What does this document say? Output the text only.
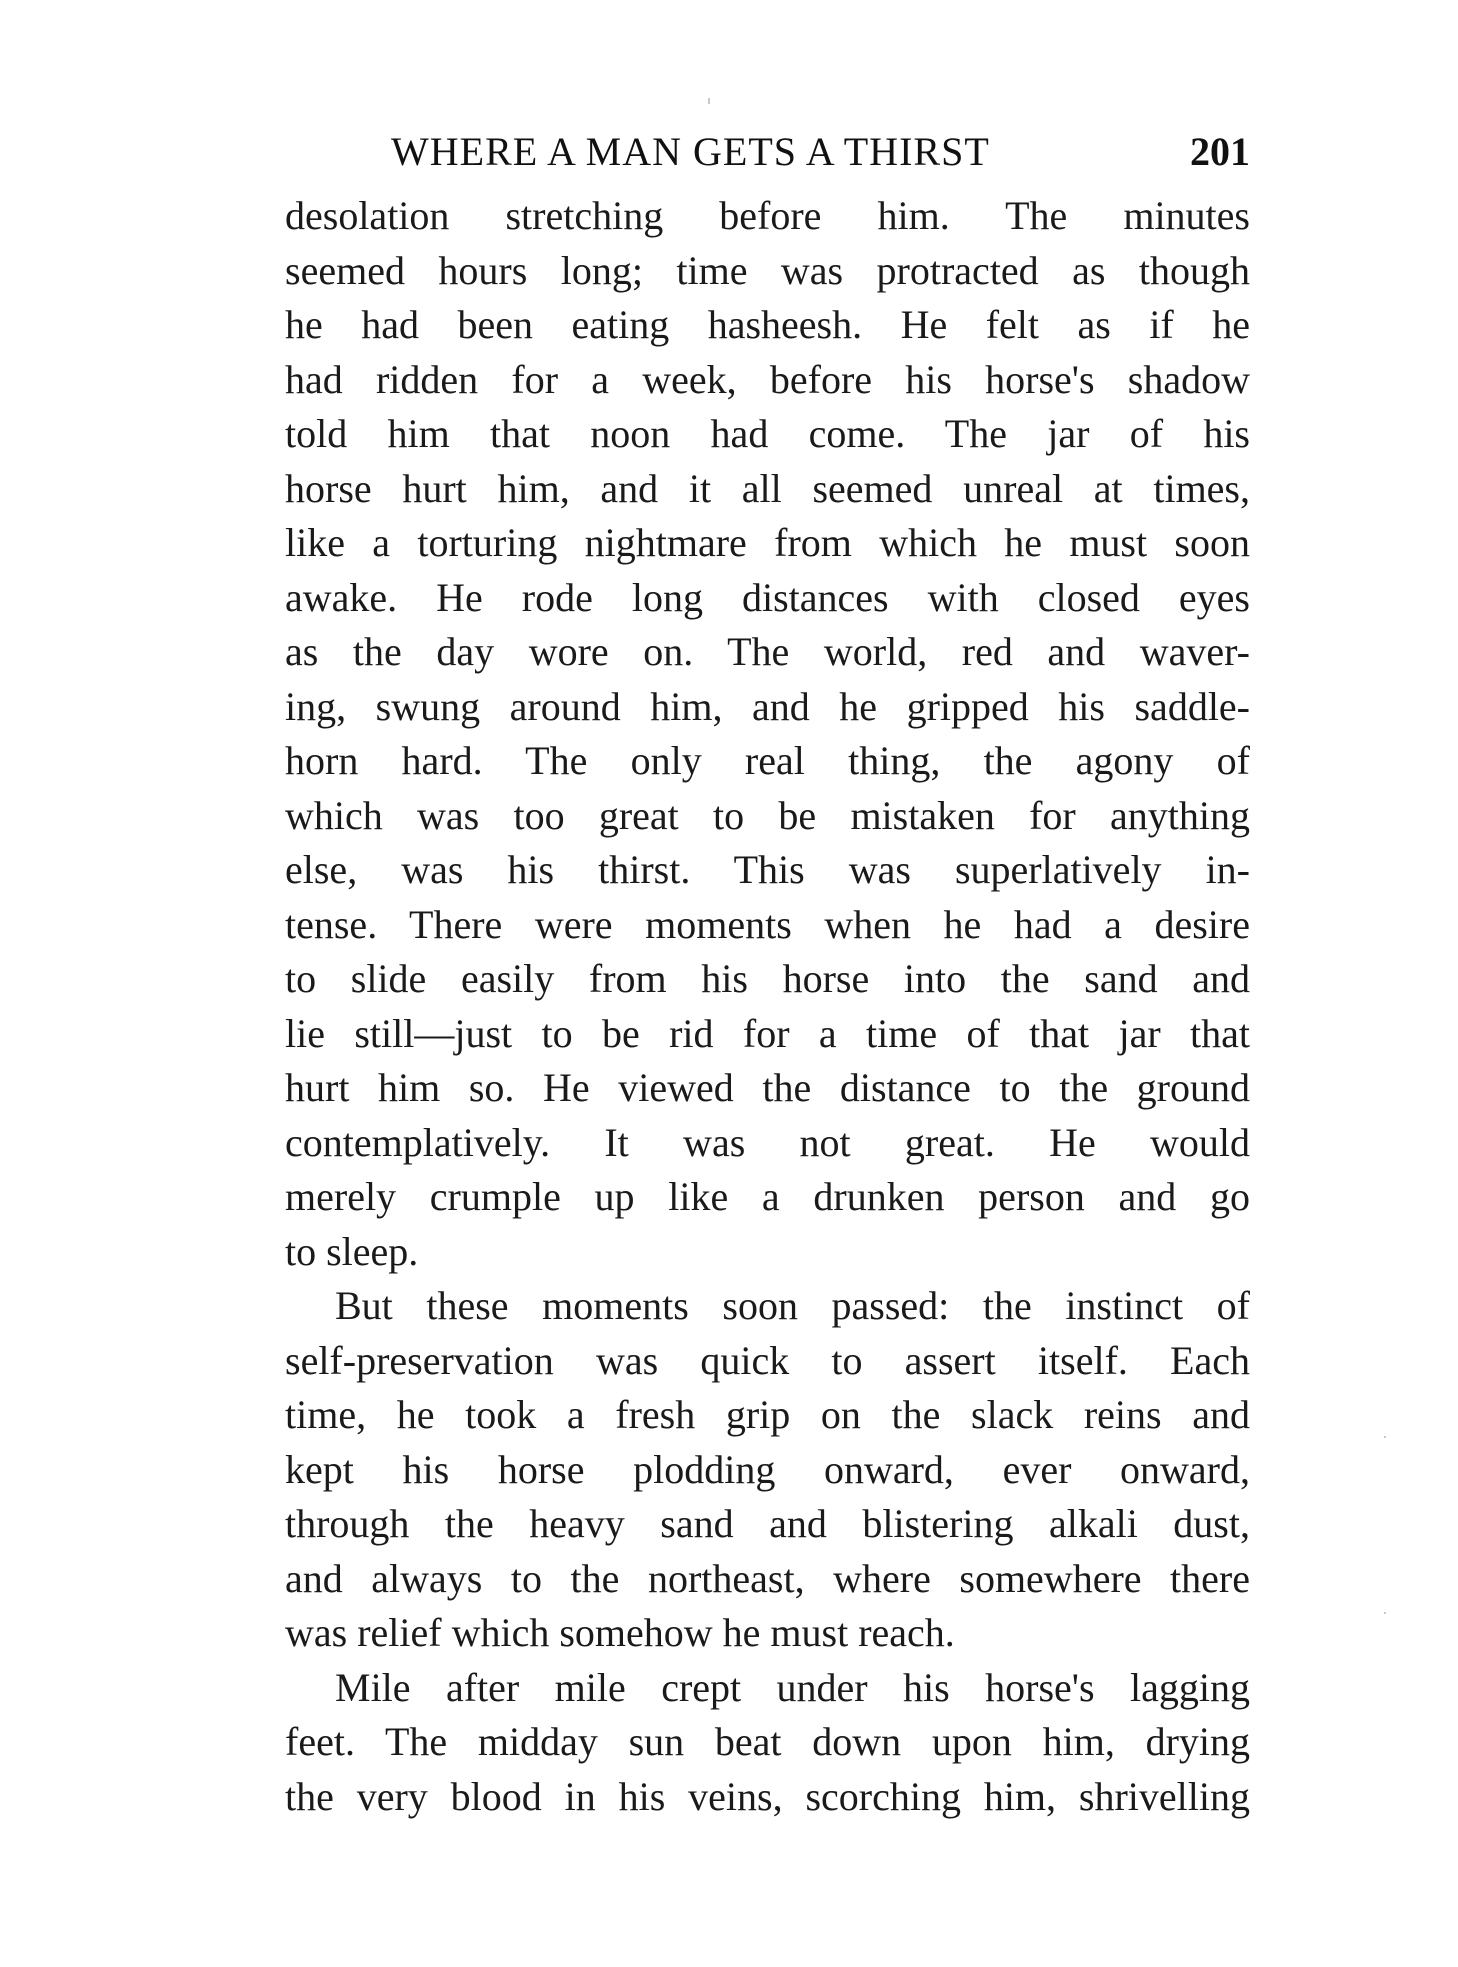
WHERE A MAN GETS A THIRST	201

desolation stretching before him. The minutes

seemed hours long; time was protracted as though

he had been eating hasheesh. He felt as if he

had ridden for a week, before his horse's shadow

told him that noon had come. The jar of his

horse hurt him, and it all seemed unreal at times,

like a torturing nightmare from which he must soon

awake. He rode long distances with closed eyes

as the day wore on. The world, red and waver-

ing, swung around him, and he gripped his saddle-

horn hard. The only real thing, the agony of

which was too great to be mistaken for anything

else, was his thirst. This was superlatively in-

tense. There were moments when he had a desire

to slide easily from his horse into the sand and

lie still—just to be rid for a time of that jar that

hurt him so. He viewed the distance to the ground

contemplatively. It was not great. He would

merely crumple up like a drunken person and go

to sleep.

But these moments soon passed: the instinct of

self-preservation was quick to assert itself. Each

time, he took a fresh grip on the slack reins and

kept his horse plodding onward, ever onward,

through the heavy sand and blistering alkali dust,

and always to the northeast, where somewhere there

was relief which somehow he must reach.

Mile after mile crept under his horse's lagging

feet. The midday sun beat down upon him, drying

the very blood in his veins, scorching him, shrivelling
